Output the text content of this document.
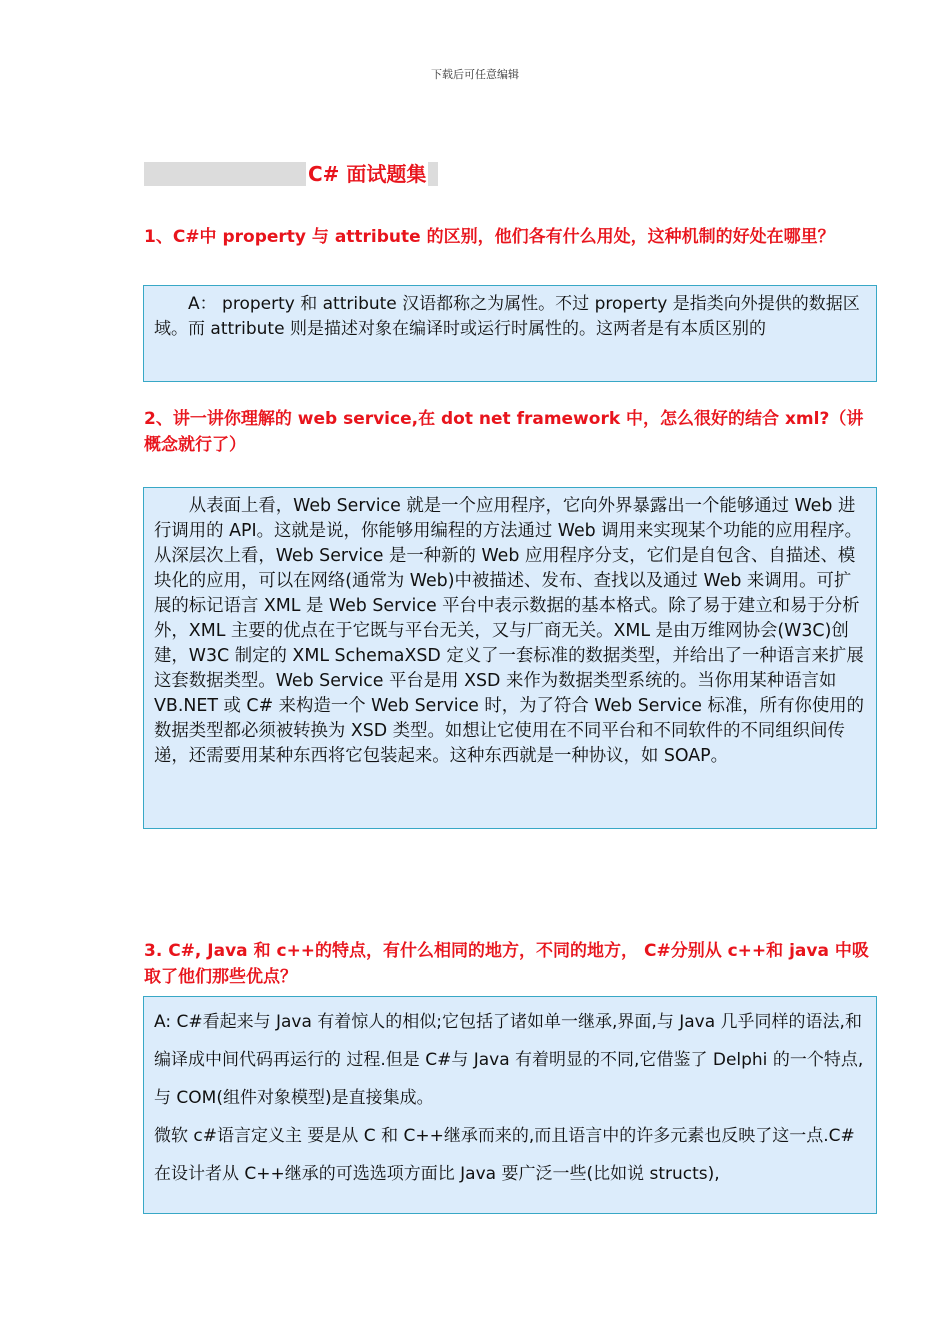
下载后可任意编辑
C# 面试题集
1、C#中 property 与 attribute 的区别，他们各有什么用处，这种机制的好处在哪里？

A： property 和 attribute 汉语都称之为属性。不过 property 是指类向外提供的数据区域。而 attribute 则是描述对象在编译时或运行时属性的。这两者是有本质区别的

2、讲一讲你理解的 web service,在 dot net framework 中，怎么很好的结合 xml?（讲概念就行了）

从表面上看，Web Service 就是一个应用程序，它向外界暴露出一个能够通过 Web 进行调用的 API。这就是说，你能够用编程的方法通过 Web 调用来实现某个功能的应用程序。从深层次上看，Web Service 是一种新的 Web 应用程序分支，它们是自包含、自描述、模块化的应用，可以在网络(通常为 Web)中被描述、发布、查找以及通过 Web 来调用。可扩展的标记语言 XML 是 Web Service 平台中表示数据的基本格式。除了易于建立和易于分析外，XML 主要的优点在于它既与平台无关，又与厂商无关。XML 是由万维网协会(W3C)创建，W3C 制定的 XML SchemaXSD 定义了一套标准的数据类型，并给出了一种语言来扩展这套数据类型。Web Service 平台是用 XSD 来作为数据类型系统的。当你用某种语言如 VB.NET 或 C# 来构造一个 Web Service 时，为了符合 Web Service 标准，所有你使用的数据类型都必须被转换为 XSD 类型。如想让它使用在不同平台和不同软件的不同组织间传递，还需要用某种东西将它包装起来。这种东西就是一种协议，如 SOAP。

3. C#, Java 和 c++的特点，有什么相同的地方，不同的地方， C#分别从 c++和 java 中吸取了他们那些优点？

A: C#看起来与 Java 有着惊人的相似;它包括了诸如单一继承,界面,与 Java 几乎同样的语法,和编译成中间代码再运行的 过程.但是 C#与 Java 有着明显的不同,它借鉴了 Delphi 的一个特点,与 COM(组件对象模型)是直接集成。

微软 c#语言定义主 要是从 C 和 C++继承而来的,而且语言中的许多元素也反映了这一点.C#在设计者从 C++继承的可选选项方面比 Java 要广泛一些(比如说 structs),
